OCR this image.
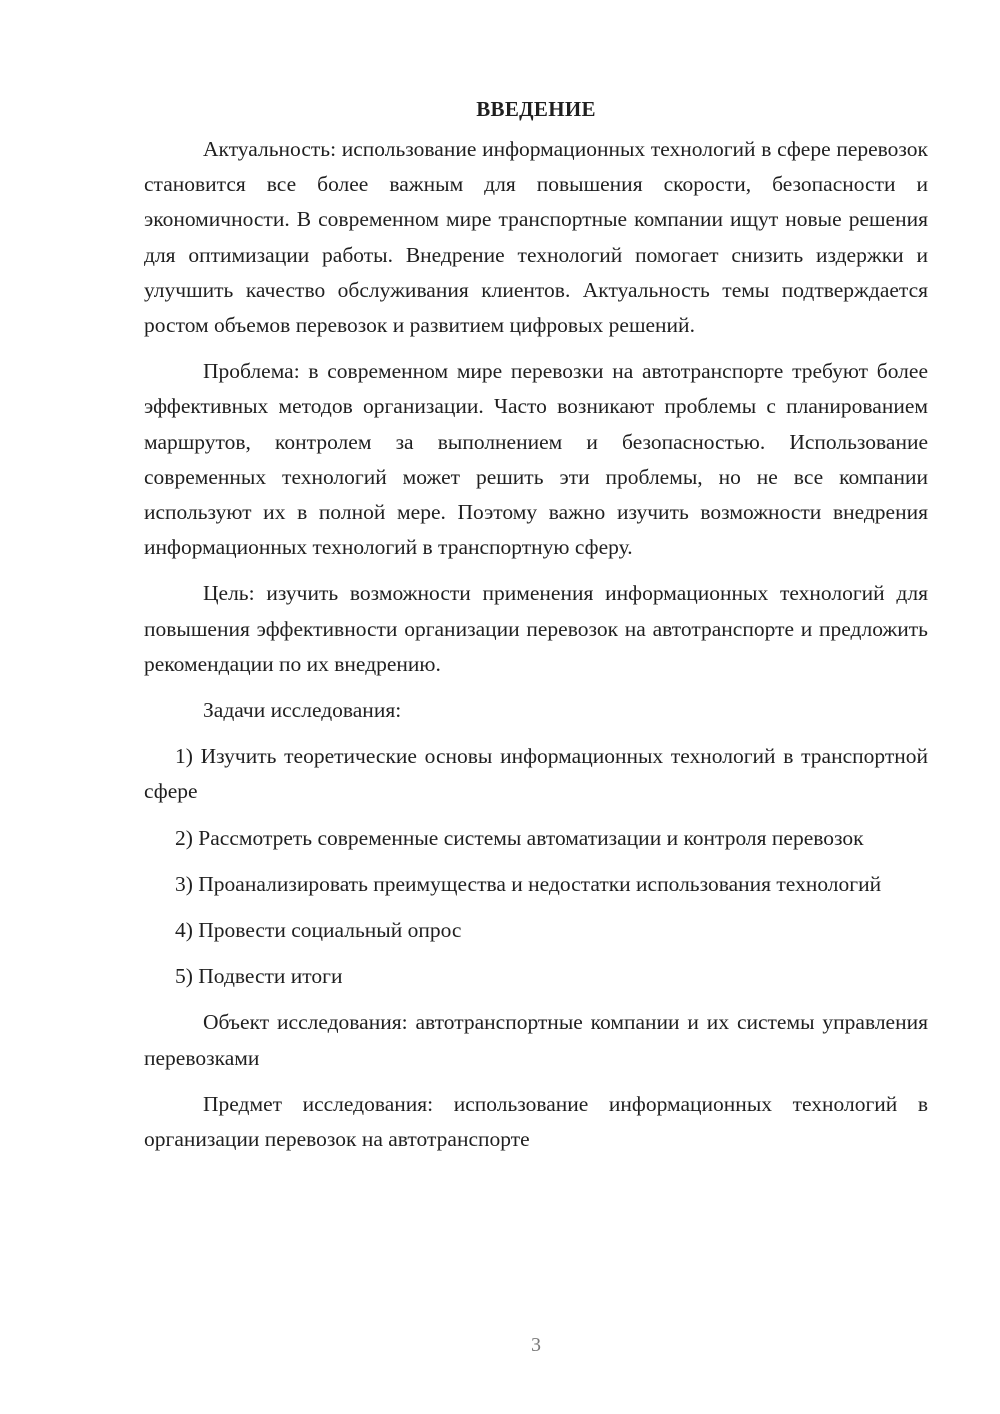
ВВЕДЕНИЕ

Актуальность: использование информационных технологий в сфере перевозок становится все более важным для повышения скорости, безопасности и экономичности. В современном мире транспортные компании ищут новые решения для оптимизации работы. Внедрение технологий помогает снизить издержки и улучшить качество обслуживания клиентов. Актуальность темы подтверждается ростом объемов перевозок и развитием цифровых решений.

Проблема: в современном мире перевозки на автотранспорте требуют более эффективных методов организации. Часто возникают проблемы с планированием маршрутов, контролем за выполнением и безопасностью. Использование современных технологий может решить эти проблемы, но не все компании используют их в полной мере. Поэтому важно изучить возможности внедрения информационных технологий в транспортную сферу.

Цель: изучить возможности применения информационных технологий для повышения эффективности организации перевозок на автотранспорте и предложить рекомендации по их внедрению.

Задачи исследования:

1) Изучить теоретические основы информационных технологий в транспортной сфере

2) Рассмотреть современные системы автоматизации и контроля перевозок

3) Проанализировать преимущества и недостатки использования технологий

4) Провести социальный опрос

5) Подвести итоги

Объект исследования: автотранспортные компании и их системы управления перевозками

Предмет исследования: использование информационных технологий в организации перевозок на автотранспорте

3
